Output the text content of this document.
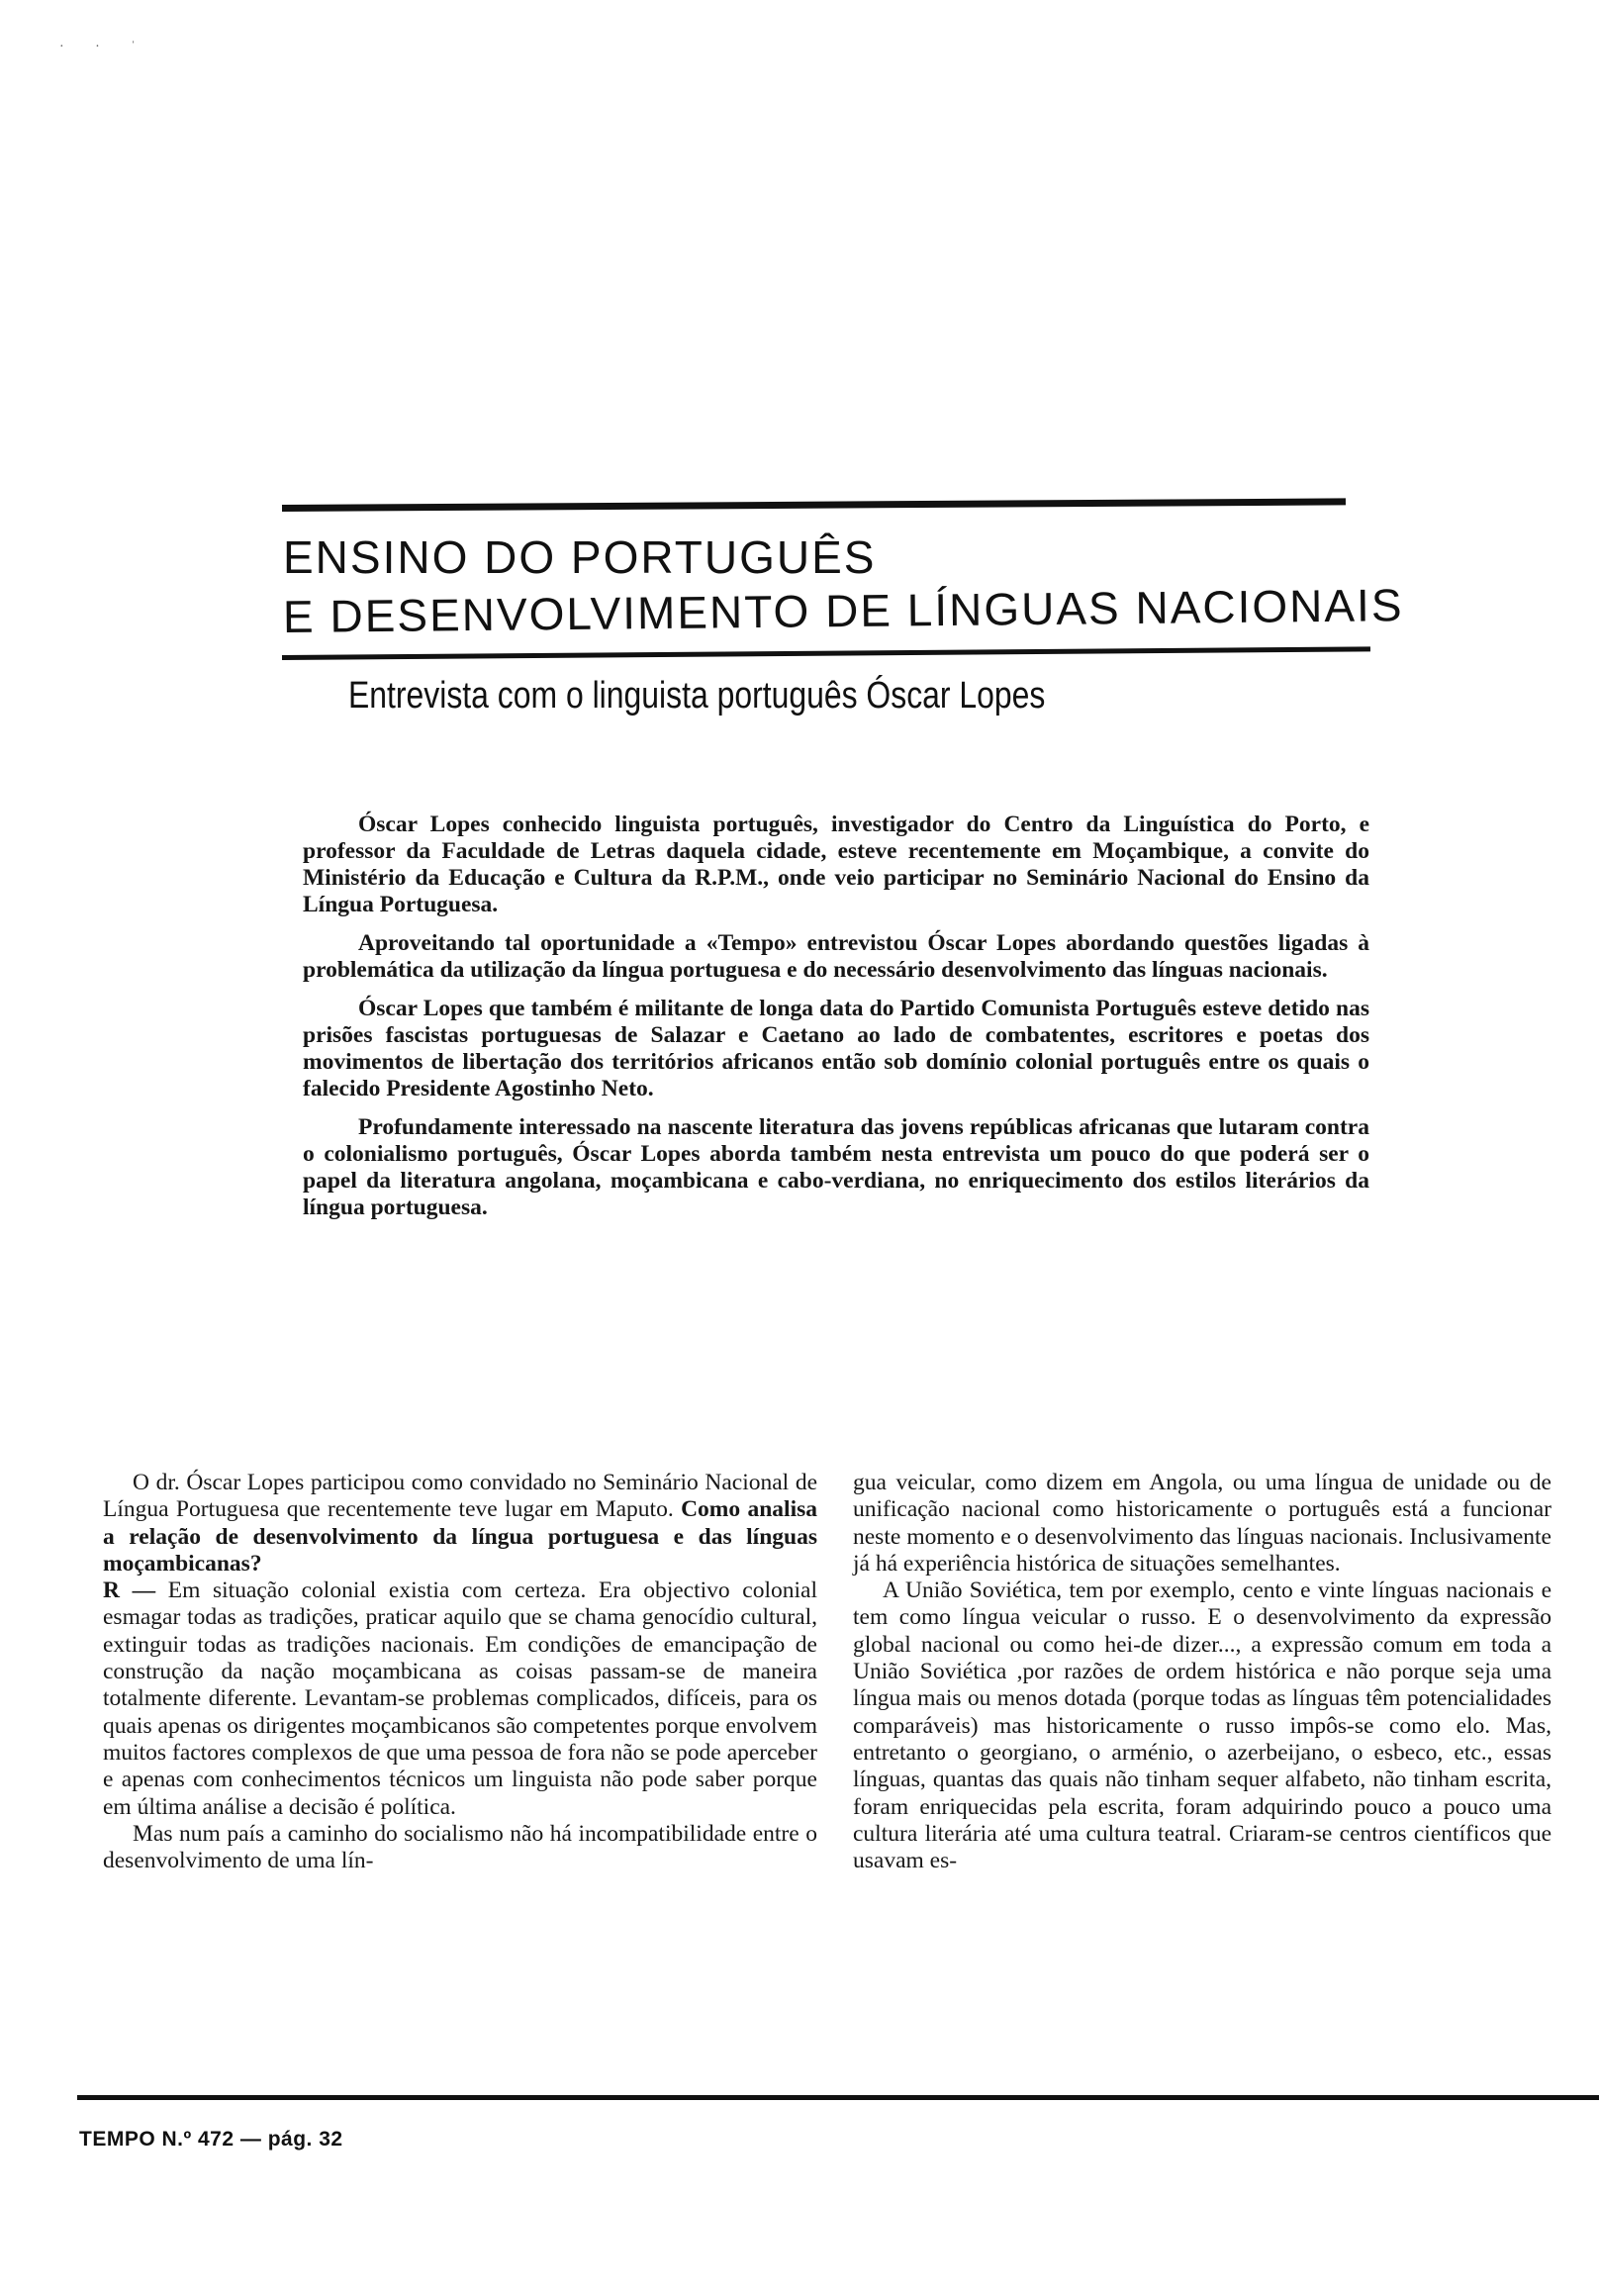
· · ˈ
ENSINO DO PORTUGUÊS
E DESENVOLVIMENTO DE LÍNGUAS NACIONAIS
Entrevista com o linguista português Óscar Lopes

Óscar Lopes conhecido linguista português, investigador do Centro da Linguística do Porto, e professor da Faculdade de Letras daquela cidade, esteve recentemente em Moçambique, a convite do Ministério da Educação e Cultura da R.P.M., onde veio participar no Seminário Nacional do Ensino da Língua Portuguesa.

Aproveitando tal oportunidade a «Tempo» entrevistou Óscar Lopes abordando questões ligadas à problemática da utilização da língua portuguesa e do necessário desenvolvimento das línguas nacionais.

Óscar Lopes que também é militante de longa data do Partido Comunista Português esteve detido nas prisões fascistas portuguesas de Salazar e Caetano ao lado de combatentes, escritores e poetas dos movimentos de libertação dos territórios africanos então sob domínio colonial português entre os quais o falecido Presidente Agostinho Neto.

Profundamente interessado na nascente literatura das jovens repúblicas africanas que lutaram contra o colonialismo português, Óscar Lopes aborda também nesta entrevista um pouco do que poderá ser o papel da literatura angolana, moçambicana e cabo-verdiana, no enriquecimento dos estilos literários da língua portuguesa.

O dr. Óscar Lopes participou como convidado no Seminário Nacional de Língua Portuguesa que recentemente teve lugar em Maputo. Como analisa a relação de desenvolvimento da língua portuguesa e das línguas moçambicanas?

R — Em situação colonial existia com certeza. Era objectivo colonial esmagar todas as tradições, praticar aquilo que se chama genocídio cultural, extinguir todas as tradições nacionais. Em condições de emancipação de construção da nação moçambicana as coisas passam-se de maneira totalmente diferente. Levantam-se problemas complicados, difíceis, para os quais apenas os dirigentes moçambicanos são competentes porque envolvem muitos factores complexos de que uma pessoa de fora não se pode aperceber e apenas com conhecimentos técnicos um linguista não pode saber porque em última análise a decisão é política.

Mas num país a caminho do socialismo não há incompatibilidade entre o desenvolvimento de uma lín-

gua veicular, como dizem em Angola, ou uma língua de unidade ou de unificação nacional como historicamente o português está a funcionar neste momento e o desenvolvimento das línguas nacionais. Inclusivamente já há experiência histórica de situações semelhantes.

A União Soviética, tem por exemplo, cento e vinte línguas nacionais e tem como língua veicular o russo. E o desenvolvimento da expressão global nacional ou como hei-de dizer..., a expressão comum em toda a União Soviética ,por razões de ordem histórica e não porque seja uma língua mais ou menos dotada (porque todas as línguas têm potencialidades comparáveis) mas historicamente o russo impôs-se como elo. Mas, entretanto o georgiano, o arménio, o azerbeijano, o esbeco, etc., essas línguas, quantas das quais não tinham sequer alfabeto, não tinham escrita, foram enriquecidas pela escrita, foram adquirindo pouco a pouco uma cultura literária até uma cultura teatral. Criaram-se centros científicos que usavam es-

TEMPO N.º 472 — pág. 32
